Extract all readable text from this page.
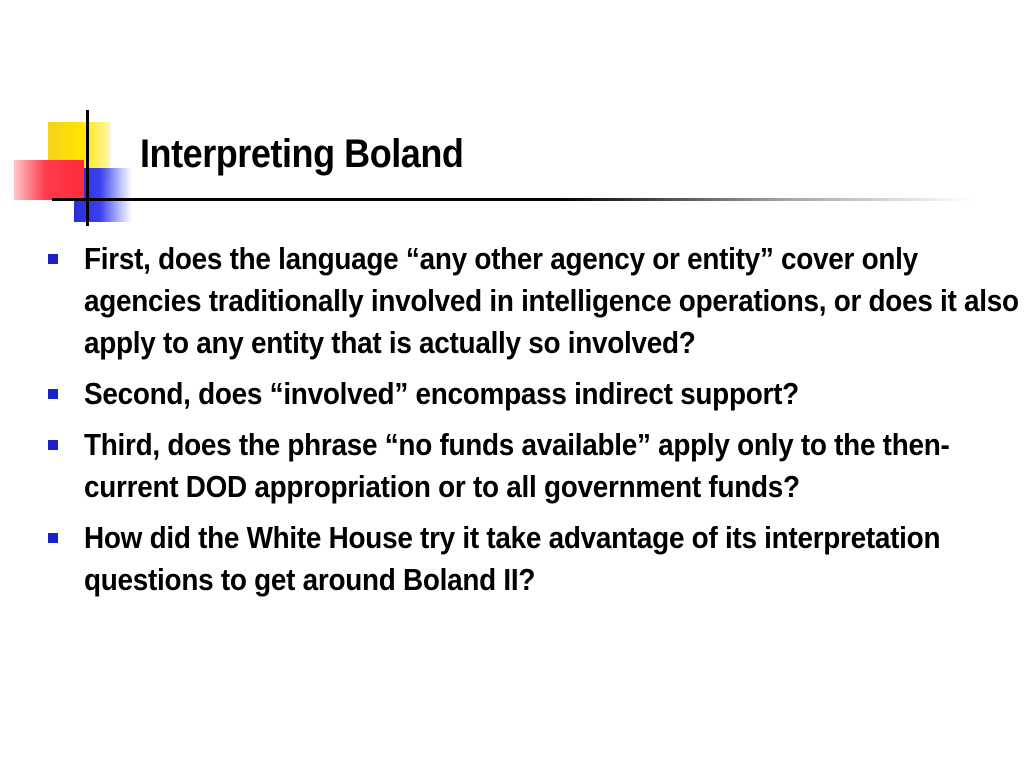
Interpreting Boland
First, does the language “any other agency or entity” cover only agencies traditionally involved in intelligence operations, or does it also apply to any entity that is actually so involved?
Second, does “involved” encompass indirect support?
Third, does the phrase “no funds available” apply only to the then-current DOD appropriation or to all government funds?
How did the White House try it take advantage of its interpretation questions to get around Boland II?
